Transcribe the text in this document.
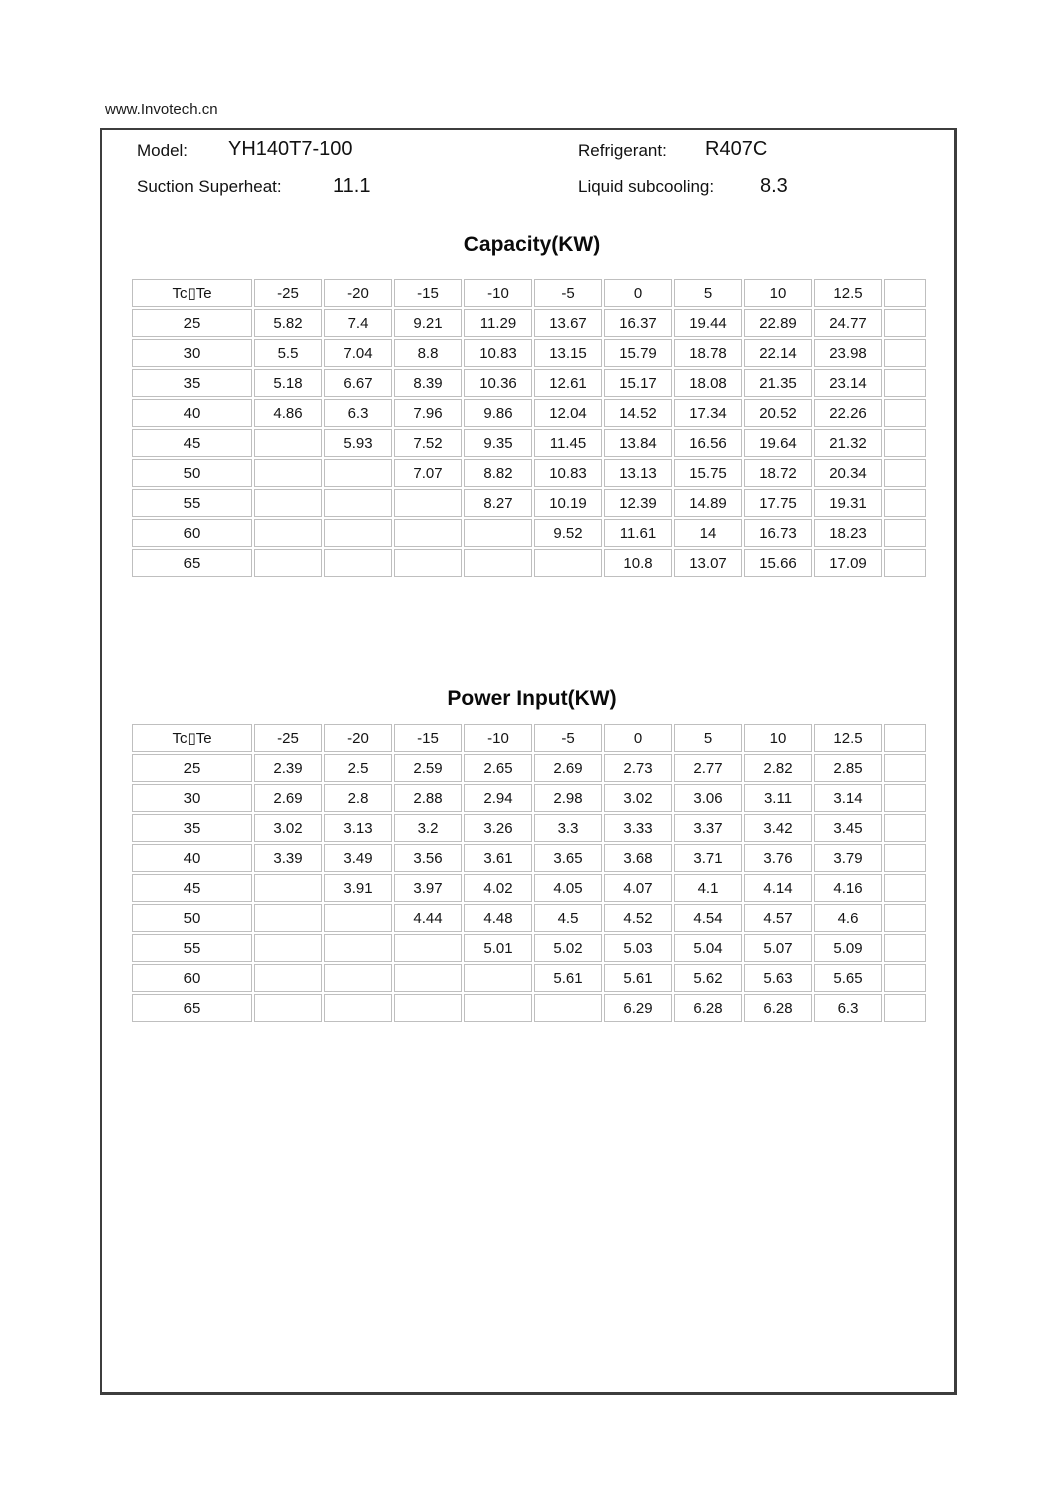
www.Invotech.cn
Model: YH140T7-100	Refrigerant: R407C
Suction Superheat:	11.1	Liquid subcooling: 8.3
Capacity(KW)
Tc▯Te	-25	-20	-15	-10	-5	0	5	10	12.5	
25	5.82	7.4	9.21	11.29	13.67	16.37	19.44	22.89	24.77	
30	5.5	7.04	8.8	10.83	13.15	15.79	18.78	22.14	23.98	
35	5.18	6.67	8.39	10.36	12.61	15.17	18.08	21.35	23.14	
40	4.86	6.3	7.96	9.86	12.04	14.52	17.34	20.52	22.26	
45		5.93	7.52	9.35	11.45	13.84	16.56	19.64	21.32	
50			7.07	8.82	10.83	13.13	15.75	18.72	20.34	
55				8.27	10.19	12.39	14.89	17.75	19.31	
60					9.52	11.61	14	16.73	18.23	
65						10.8	13.07	15.66	17.09	
Power Input(KW)
Tc▯Te	-25	-20	-15	-10	-5	0	5	10	12.5	
25	2.39	2.5	2.59	2.65	2.69	2.73	2.77	2.82	2.85	
30	2.69	2.8	2.88	2.94	2.98	3.02	3.06	3.11	3.14	
35	3.02	3.13	3.2	3.26	3.3	3.33	3.37	3.42	3.45	
40	3.39	3.49	3.56	3.61	3.65	3.68	3.71	3.76	3.79	
45		3.91	3.97	4.02	4.05	4.07	4.1	4.14	4.16	
50			4.44	4.48	4.5	4.52	4.54	4.57	4.6	
55				5.01	5.02	5.03	5.04	5.07	5.09	
60					5.61	5.61	5.62	5.63	5.65	
65						6.29	6.28	6.28	6.3	
